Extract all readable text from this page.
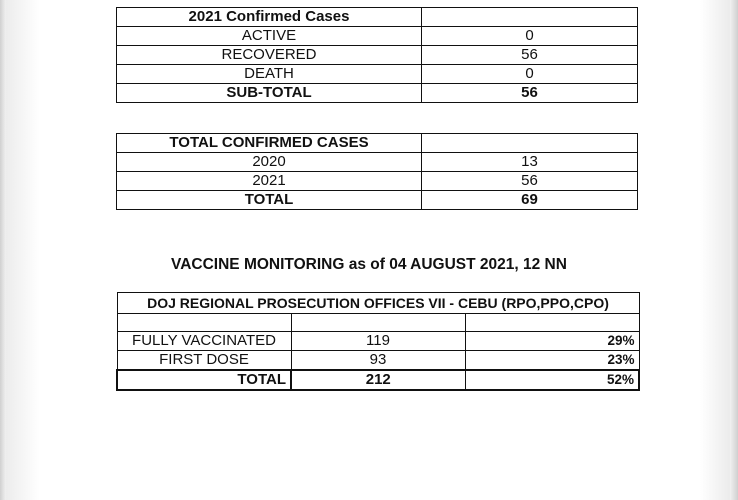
2021 Confirmed Cases	
ACTIVE	0
RECOVERED	56
DEATH	0
SUB-TOTAL	56
TOTAL CONFIRMED CASES	
2020	13
2021	56
TOTAL	69
VACCINE MONITORING as of 04 AUGUST 2021, 12 NN
DOJ REGIONAL PROSECUTION OFFICES VII - CEBU (RPO,PPO,CPO)		

FULLY VACCINATED	119	29%
FIRST DOSE	93	23%
TOTAL	212	52%
